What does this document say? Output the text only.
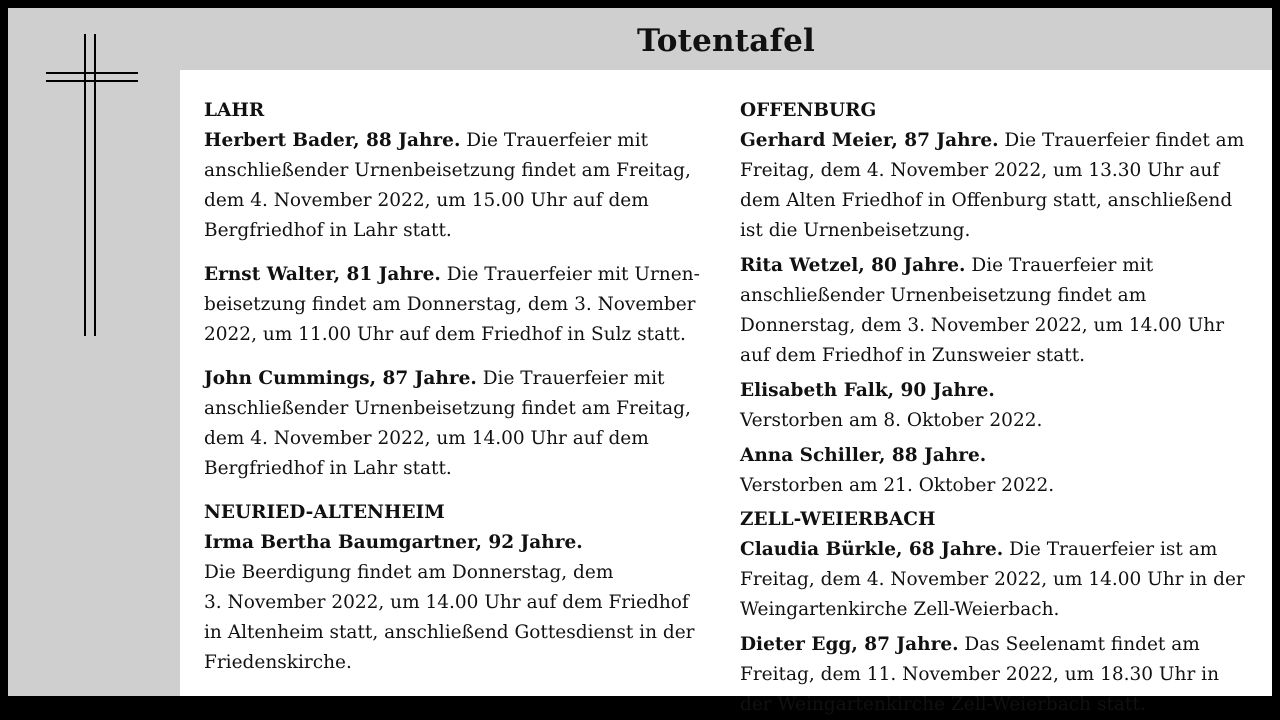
Totentafel
LAHR

Herbert Bader, 88 Jahre. Die Trauerfeier mit
anschließender Urnenbeisetzung findet am Freitag,
dem 4. November 2022, um 15.00 Uhr auf dem
Bergfriedhof in Lahr statt.

Ernst Walter, 81 Jahre. Die Trauerfeier mit Urnen-
beisetzung findet am Donnerstag, dem 3. November
2022, um 11.00 Uhr auf dem Friedhof in Sulz statt.

John Cummings, 87 Jahre. Die Trauerfeier mit
anschließender Urnenbeisetzung findet am Freitag,
dem 4. November 2022, um 14.00 Uhr auf dem
Bergfriedhof in Lahr statt.

NEURIED-ALTENHEIM

Irma Bertha Baumgartner, 92 Jahre.
Die Beerdigung findet am Donnerstag, dem
3. November 2022, um 14.00 Uhr auf dem Friedhof
in Altenheim statt, anschließend Gottesdienst in der
Friedenskirche.

OFFENBURG

Gerhard Meier, 87 Jahre. Die Trauerfeier findet am
Freitag, dem 4. November 2022, um 13.30 Uhr auf
dem Alten Friedhof in Offenburg statt, anschließend
ist die Urnenbeisetzung.

Rita Wetzel, 80 Jahre. Die Trauerfeier mit
anschließender Urnenbeisetzung findet am
Donnerstag, dem 3. November 2022, um 14.00 Uhr
auf dem Friedhof in Zunsweier statt.

Elisabeth Falk, 90 Jahre.
Verstorben am 8. Oktober 2022.

Anna Schiller, 88 Jahre.
Verstorben am 21. Oktober 2022.

ZELL-WEIERBACH

Claudia Bürkle, 68 Jahre. Die Trauerfeier ist am
Freitag, dem 4. November 2022, um 14.00 Uhr in der
Weingartenkirche Zell-Weierbach.

Dieter Egg, 87 Jahre. Das Seelenamt findet am
Freitag, dem 11. November 2022, um 18.30 Uhr in
der Weingartenkirche Zell-Weierbach statt.
